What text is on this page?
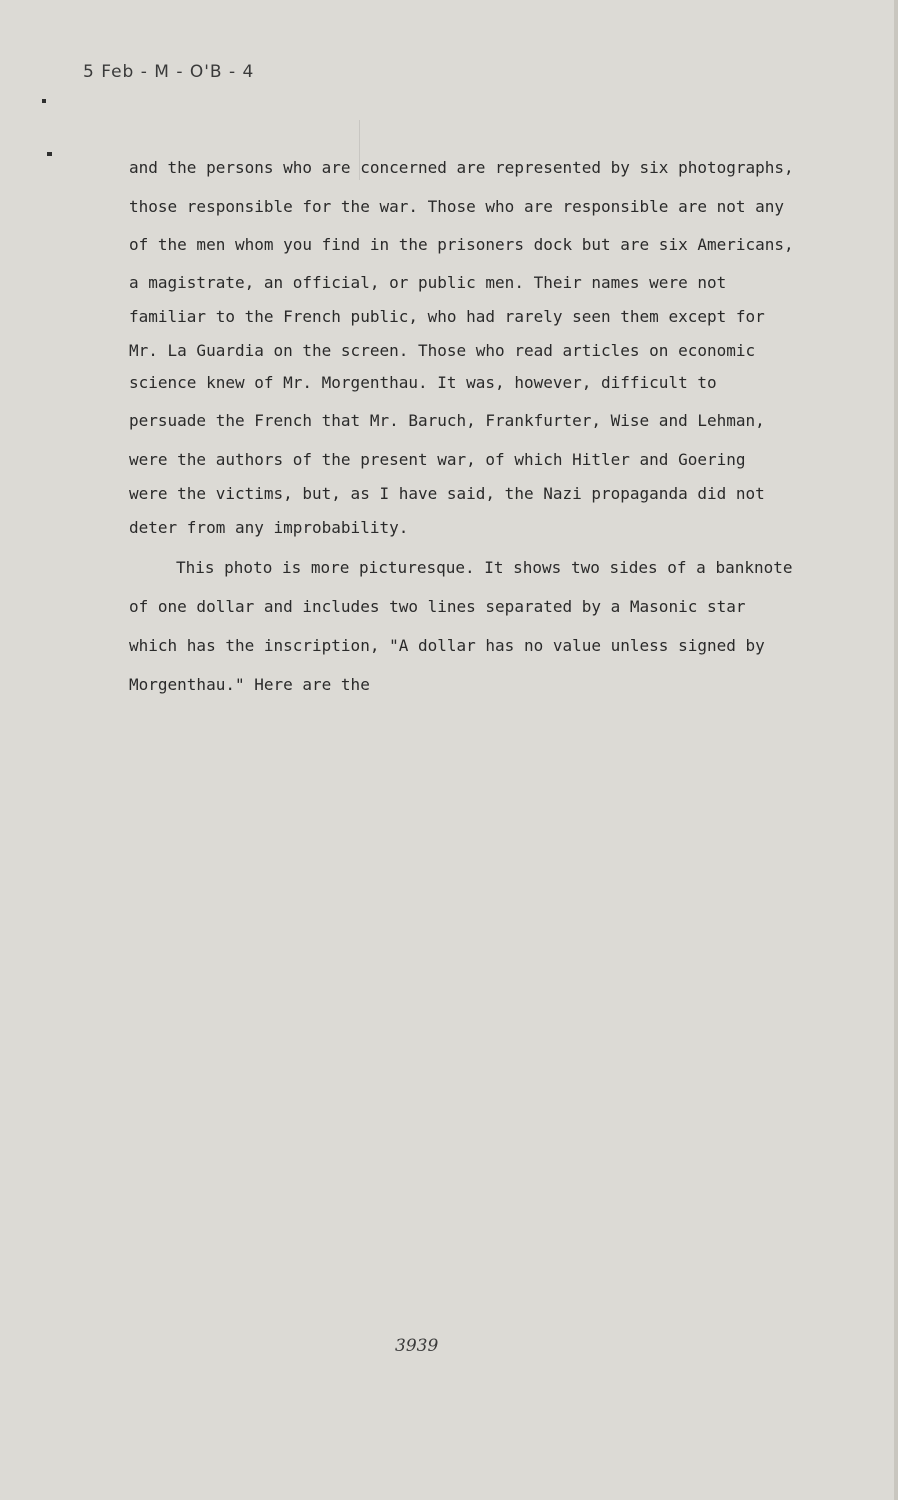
5 Feb - M - O'B - 4
and the persons who are concerned are represented by six photographs,
those responsible for the war. Those who are responsible are not any
of the men whom you find in the prisoners dock but are six Americans,
a magistrate, an official, or public men. Their names were not
familiar to the French public, who had rarely seen them except for
Mr. La Guardia on the screen. Those who read articles on economic
science knew of Mr. Morgenthau. It was, however, difficult to
persuade the French that Mr. Baruch, Frankfurter, Wise and Lehman,
were the authors of the present war, of which Hitler and Goering
were the victims, but, as I have said, the Nazi propaganda did not
deter from any improbability.
This photo is more picturesque. It shows two sides of a banknote
of one dollar and includes two lines separated by a Masonic star
which has the inscription, "A dollar has no value unless signed by
Morgenthau." Here are the
3939
